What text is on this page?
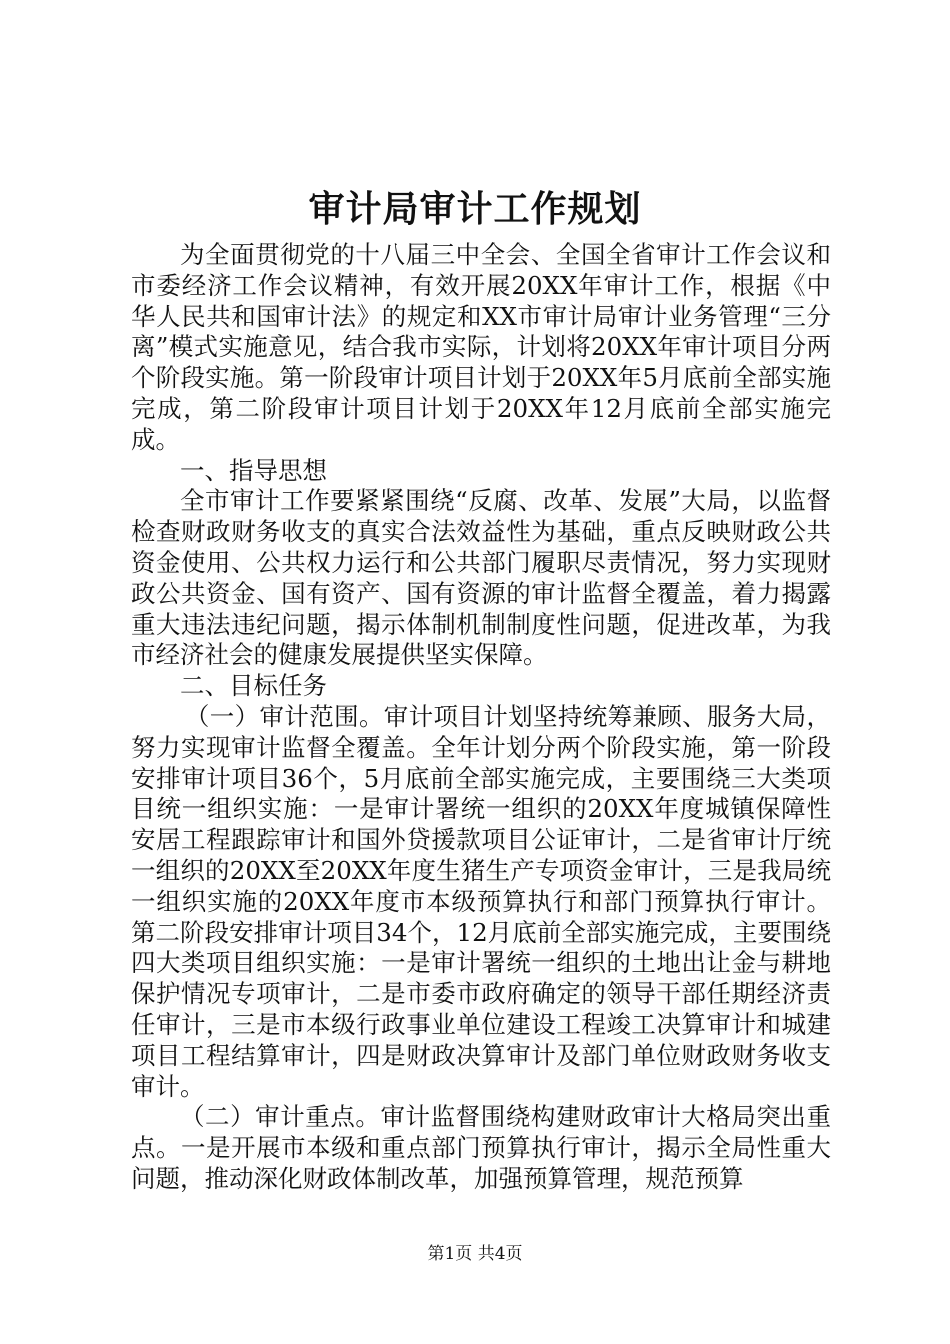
审计局审计工作规划

为全面贯彻党的十八届三中全会、全国全省审计工作会议和市委经济工作会议精神，有效开展20XX年审计工作，根据《中华人民共和国审计法》的规定和XX市审计局审计业务管理“三分离”模式实施意见，结合我市实际，计划将20XX年审计项目分两个阶段实施。第一阶段审计项目计划于20XX年5月底前全部实施完成，第二阶段审计项目计划于20XX年12月底前全部实施完成。

一、指导思想

全市审计工作要紧紧围绕“反腐、改革、发展”大局，以监督检查财政财务收支的真实合法效益性为基础，重点反映财政公共资金使用、公共权力运行和公共部门履职尽责情况，努力实现财政公共资金、国有资产、国有资源的审计监督全覆盖，着力揭露重大违法违纪问题，揭示体制机制制度性问题，促进改革，为我市经济社会的健康发展提供坚实保障。

二、目标任务

（一）审计范围。审计项目计划坚持统筹兼顾、服务大局，努力实现审计监督全覆盖。全年计划分两个阶段实施，第一阶段安排审计项目36个，5月底前全部实施完成，主要围绕三大类项目统一组织实施：一是审计署统一组织的20XX年度城镇保障性安居工程跟踪审计和国外贷援款项目公证审计，二是省审计厅统一组织的20XX至20XX年度生猪生产专项资金审计，三是我局统一组织实施的20XX年度市本级预算执行和部门预算执行审计。第二阶段安排审计项目34个，12月底前全部实施完成，主要围绕四大类项目组织实施：一是审计署统一组织的土地出让金与耕地保护情况专项审计，二是市委市政府确定的领导干部任期经济责任审计，三是市本级行政事业单位建设工程竣工决算审计和城建项目工程结算审计，四是财政决算审计及部门单位财政财务收支审计。

（二）审计重点。审计监督围绕构建财政审计大格局突出重点。一是开展市本级和重点部门预算执行审计，揭示全局性重大问题，推动深化财政体制改革，加强预算管理，规范预算

第1页 共4页
